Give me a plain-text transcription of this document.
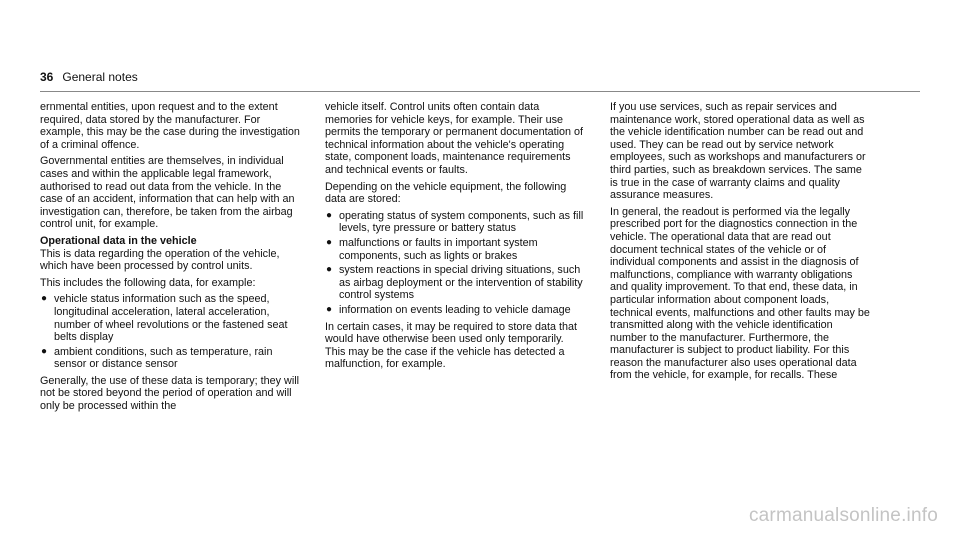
36 General notes

ernmental entities, upon request and to the extent required, data stored by the manufacturer. For example, this may be the case during the investigation of a criminal offence.

Governmental entities are themselves, in individual cases and within the applicable legal framework, authorised to read out data from the vehicle. In the case of an accident, information that can help with an investigation can, therefore, be taken from the airbag control unit, for example.

Operational data in the vehicle

This is data regarding the operation of the vehicle, which have been processed by control units.

This includes the following data, for example:

● vehicle status information such as the speed, longitudinal acceleration, lateral acceleration, number of wheel revolutions or the fastened seat belts display
● ambient conditions, such as temperature, rain sensor or distance sensor

Generally, the use of these data is temporary; they will not be stored beyond the period of operation and will only be processed within the

vehicle itself. Control units often contain data memories for vehicle keys, for example. Their use permits the temporary or permanent documentation of technical information about the vehicle's operating state, component loads, maintenance requirements and technical events or faults.

Depending on the vehicle equipment, the following data are stored:

● operating status of system components, such as fill levels, tyre pressure or battery status
● malfunctions or faults in important system components, such as lights or brakes
● system reactions in special driving situations, such as airbag deployment or the intervention of stability control systems
● information on events leading to vehicle damage

In certain cases, it may be required to store data that would have otherwise been used only temporarily. This may be the case if the vehicle has detected a malfunction, for example.

If you use services, such as repair services and maintenance work, stored operational data as well as the vehicle identification number can be read out and used. They can be read out by service network employees, such as workshops and manufacturers or third parties, such as breakdown services. The same is true in the case of warranty claims and quality assurance measures.

In general, the readout is performed via the legally prescribed port for the diagnostics connection in the vehicle. The operational data that are read out document technical states of the vehicle or of individual components and assist in the diagnosis of malfunctions, compliance with warranty obligations and quality improvement. To that end, these data, in particular information about component loads, technical events, malfunctions and other faults may be transmitted along with the vehicle identification number to the manufacturer. Furthermore, the manufacturer is subject to product liability. For this reason the manufacturer also uses operational data from the vehicle, for example, for recalls. These

carmanualsonline.info
